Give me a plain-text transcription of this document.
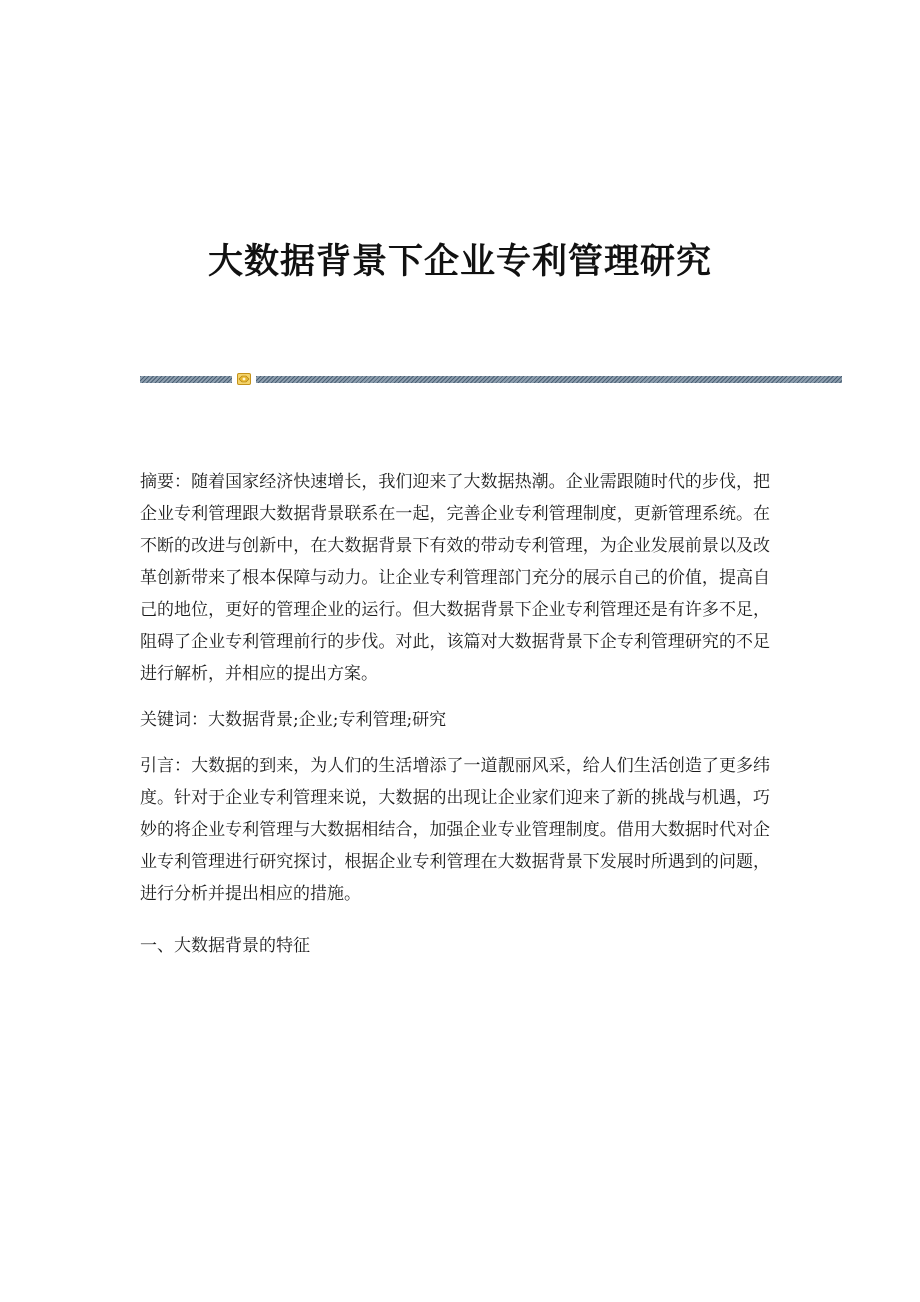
大数据背景下企业专利管理研究

摘要：随着国家经济快速增长，我们迎来了大数据热潮。企业需跟随时代的步伐，把企业专利管理跟大数据背景联系在一起，完善企业专利管理制度，更新管理系统。在不断的改进与创新中，在大数据背景下有效的带动专利管理，为企业发展前景以及改革创新带来了根本保障与动力。让企业专利管理部门充分的展示自己的价值，提高自己的地位，更好的管理企业的运行。但大数据背景下企业专利管理还是有许多不足，阻碍了企业专利管理前行的步伐。对此，该篇对大数据背景下企专利管理研究的不足进行解析，并相应的提出方案。

关键词：大数据背景;企业;专利管理;研究

引言：大数据的到来，为人们的生活增添了一道靓丽风采，给人们生活创造了更多纬度。针对于企业专利管理来说，大数据的出现让企业家们迎来了新的挑战与机遇，巧妙的将企业专利管理与大数据相结合，加强企业专业管理制度。借用大数据时代对企业专利管理进行研究探讨，根据企业专利管理在大数据背景下发展时所遇到的问题，进行分析并提出相应的措施。

一、大数据背景的特征
